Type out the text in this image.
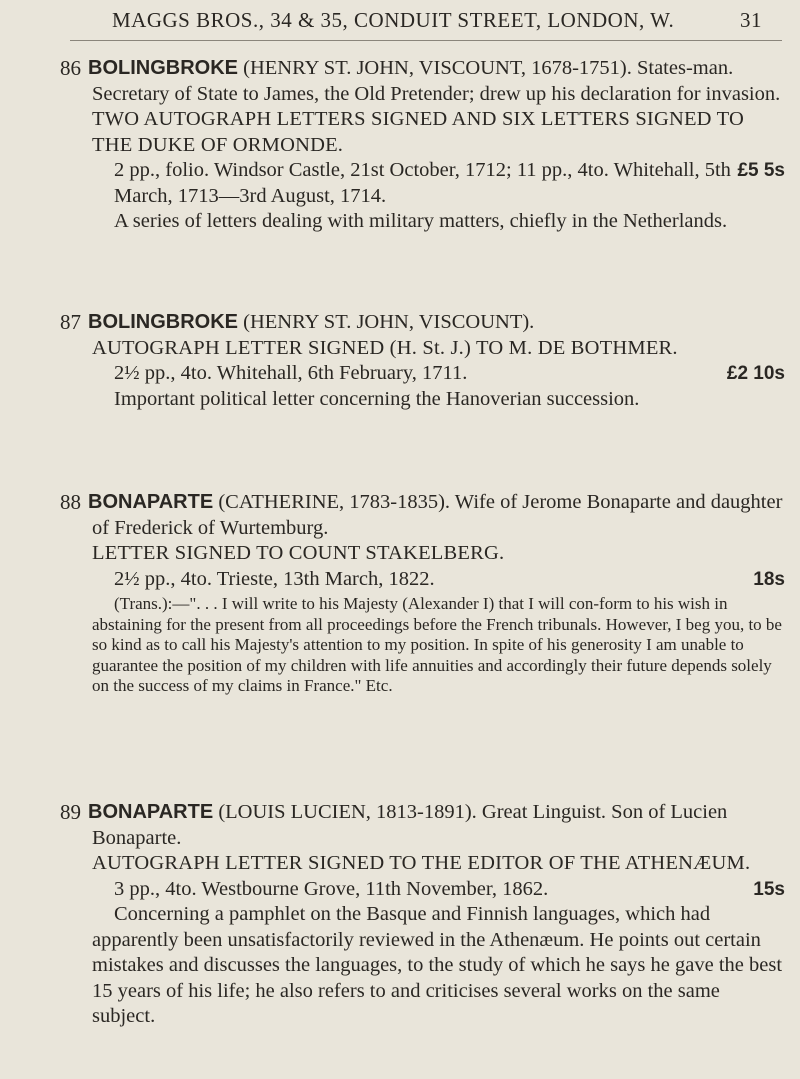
MAGGS BROS., 34 & 35, CONDUIT STREET, LONDON, W.	31
86 BOLINGBROKE (HENRY ST. JOHN, VISCOUNT, 1678-1751). States-man. Secretary of State to James, the Old Pretender; drew up his declaration for invasion.
TWO AUTOGRAPH LETTERS SIGNED AND SIX LETTERS SIGNED TO THE DUKE OF ORMONDE.
2 pp., folio. Windsor Castle, 21st October, 1712; 11 pp., 4to. Whitehall, 5th March, 1713—3rd August, 1714.
£5 5s
A series of letters dealing with military matters, chiefly in the Netherlands.
87 BOLINGBROKE (HENRY ST. JOHN, VISCOUNT).
AUTOGRAPH LETTER SIGNED (H. St. J.) TO M. DE BOTHMER.
2½ pp., 4to. Whitehall, 6th February, 1711.	£2 10s
Important political letter concerning the Hanoverian succession.
88 BONAPARTE (CATHERINE, 1783-1835). Wife of Jerome Bonaparte and daughter of Frederick of Wurtemburg.
LETTER SIGNED TO COUNT STAKELBERG.
2½ pp., 4to. Trieste, 13th March, 1822.	18s
(Trans.):—". . . I will write to his Majesty (Alexander I) that I will con-form to his wish in abstaining for the present from all proceedings before the French tribunals. However, I beg you, to be so kind as to call his Majesty's attention to my position. In spite of his generosity I am unable to guarantee the position of my children with life annuities and accordingly their future depends solely on the success of my claims in France." Etc.
89 BONAPARTE (LOUIS LUCIEN, 1813-1891). Great Linguist. Son of Lucien Bonaparte.
AUTOGRAPH LETTER SIGNED TO THE EDITOR OF THE ATHENÆUM.
3 pp., 4to. Westbourne Grove, 11th November, 1862.	15s
Concerning a pamphlet on the Basque and Finnish languages, which had apparently been unsatisfactorily reviewed in the Athenæum. He points out certain mistakes and discusses the languages, to the study of which he says he gave the best 15 years of his life; he also refers to and criticises several works on the same subject.
